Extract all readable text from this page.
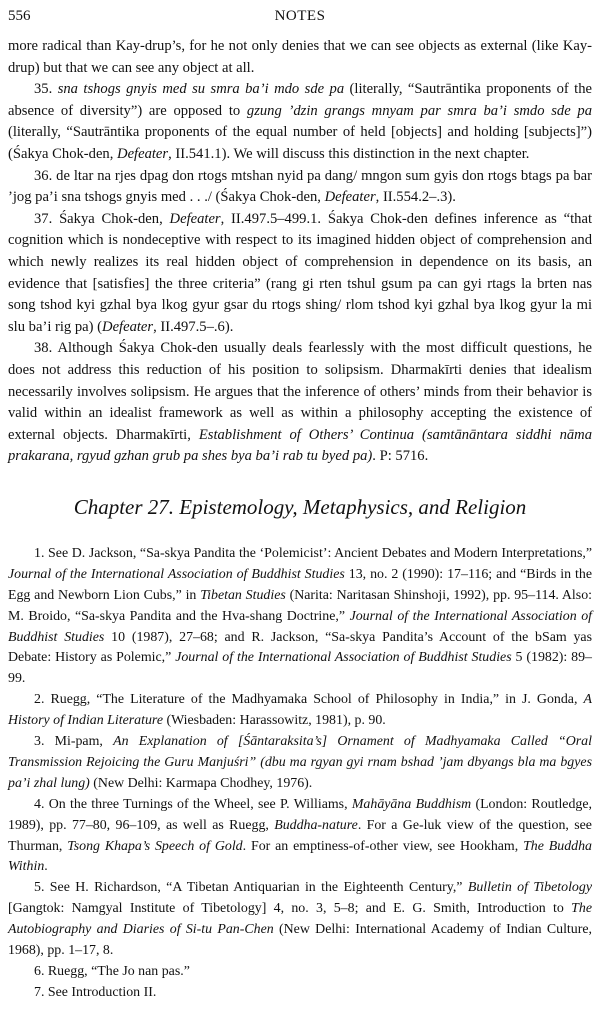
556	NOTES

more radical than Kay-drup’s, for he not only denies that we can see objects as external (like Kay-drup) but that we can see any object at all.

35. sna tshogs gnyis med su smra ba’i mdo sde pa (literally, “Sautrāntika proponents of the absence of diversity”) are opposed to gzung ’dzin grangs mnyam par smra ba’i smdo sde pa (literally, “Sautrāntika proponents of the equal number of held [objects] and holding [subjects]”) (Śakya Chok-den, Defeater, II.541.1). We will discuss this distinction in the next chapter.

36. de ltar na rjes dpag don rtogs mtshan nyid pa dang/ mngon sum gyis don rtogs btags pa bar ’jog pa’i sna tshogs gnyis med . . ./ (Śakya Chok-den, Defeater, II.554.2–.3).

37. Śakya Chok-den, Defeater, II.497.5–499.1. Śakya Chok-den defines inference as “that cognition which is nondeceptive with respect to its imagined hidden object of comprehension and which newly realizes its real hidden object of comprehension in dependence on its basis, an evidence that [satisfies] the three criteria” (rang gi rten tshul gsum pa can gyi rtags la brten nas song tshod kyi gzhal bya lkog gyur gsar du rtogs shing/ rlom tshod kyi gzhal bya lkog gyur la mi slu ba’i rig pa) (Defeater, II.497.5–.6).

38. Although Śakya Chok-den usually deals fearlessly with the most difficult questions, he does not address this reduction of his position to solipsism. Dharmakīrti denies that idealism necessarily involves solipsism. He argues that the inference of others’ minds from their behavior is valid within an idealist framework as well as within a philosophy accepting the existence of external objects. Dharmakīrti, Establishment of Others’ Continua (samtānāntara siddhi nāma prakarana, rgyud gzhan grub pa shes bya ba’i rab tu byed pa). P: 5716.

Chapter 27. Epistemology, Metaphysics, and Religion

1. See D. Jackson, “Sa-skya Pandita the ‘Polemicist’: Ancient Debates and Modern Interpretations,” Journal of the International Association of Buddhist Studies 13, no. 2 (1990): 17–116; and “Birds in the Egg and Newborn Lion Cubs,” in Tibetan Studies (Narita: Naritasan Shinshoji, 1992), pp. 95–114. Also: M. Broido, “Sa-skya Pandita and the Hva-shang Doctrine,” Journal of the International Association of Buddhist Studies 10 (1987), 27–68; and R. Jackson, “Sa-skya Pandita’s Account of the bSam yas Debate: History as Polemic,” Journal of the International Association of Buddhist Studies 5 (1982): 89–99.

2. Ruegg, “The Literature of the Madhyamaka School of Philosophy in India,” in J. Gonda, A History of Indian Literature (Wiesbaden: Harassowitz, 1981), p. 90.

3. Mi-pam, An Explanation of [Śāntaraksita’s] Ornament of Madhyamaka Called “Oral Transmission Rejoicing the Guru Manjuśri” (dbu ma rgyan gyi rnam bshad ’jam dbyangs bla ma bgyes pa’i zhal lung) (New Delhi: Karmapa Chodhey, 1976).

4. On the three Turnings of the Wheel, see P. Williams, Mahāyāna Buddhism (London: Routledge, 1989), pp. 77–80, 96–109, as well as Ruegg, Buddha-nature. For a Ge-luk view of the question, see Thurman, Tsong Khapa’s Speech of Gold. For an emptiness-of-other view, see Hookham, The Buddha Within.

5. See H. Richardson, “A Tibetan Antiquarian in the Eighteenth Century,” Bulletin of Tibetology [Gangtok: Namgyal Institute of Tibetology] 4, no. 3, 5–8; and E. G. Smith, Introduction to The Autobiography and Diaries of Si-tu Pan-Chen (New Delhi: International Academy of Indian Culture, 1968), pp. 1–17, 8.

6. Ruegg, “The Jo nan pas.”

7. See Introduction II.
